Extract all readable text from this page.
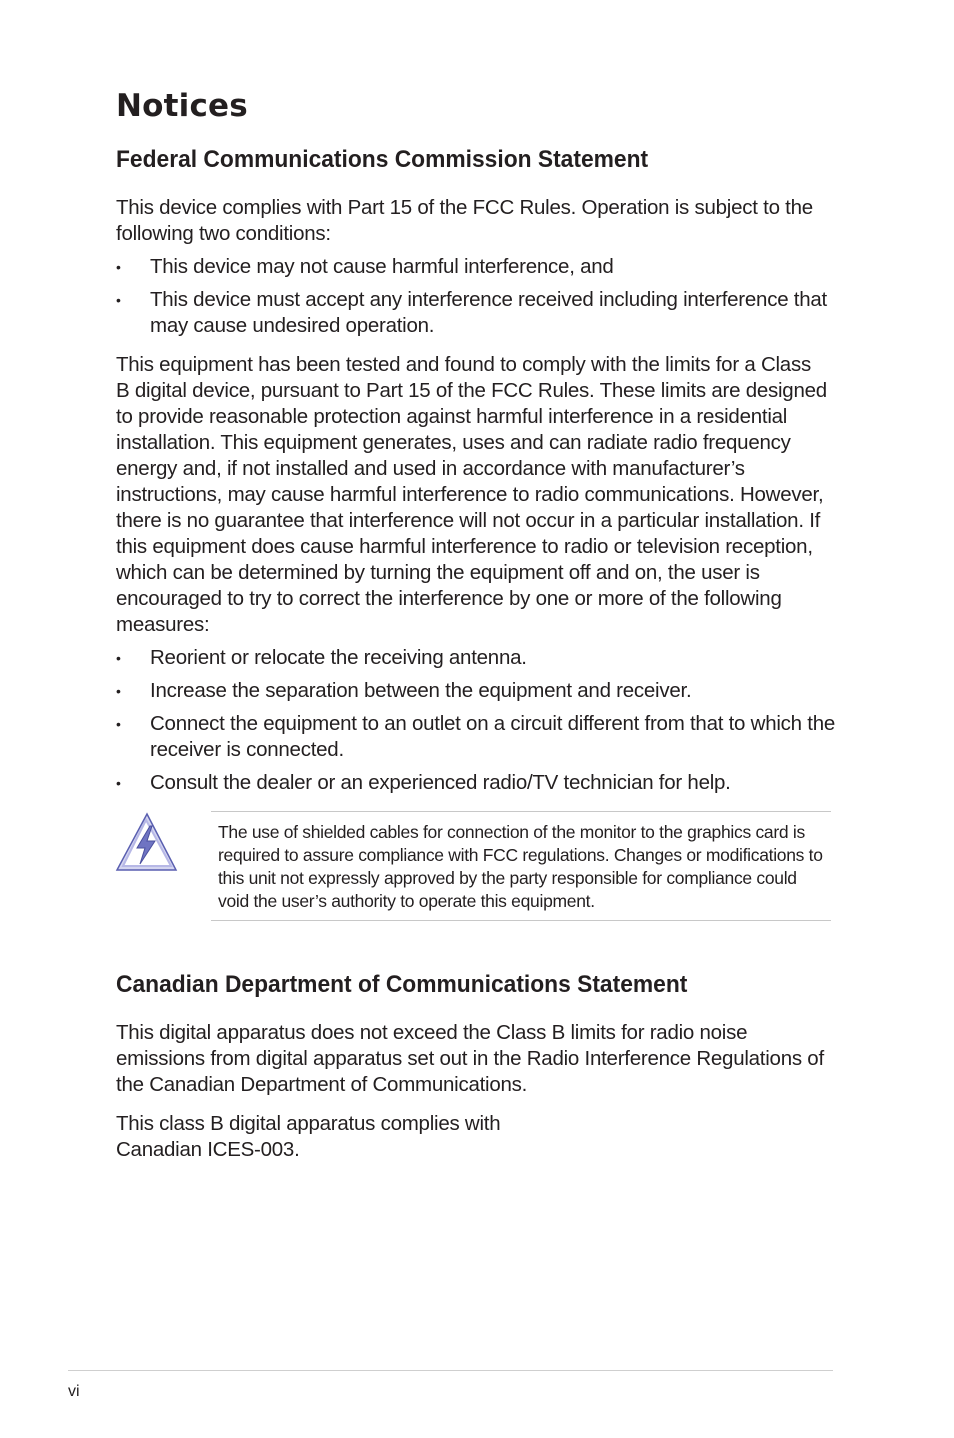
Notices
Federal Communications Commission Statement

This device complies with Part 15 of the FCC Rules. Operation is subject to the following two conditions:

• This device may not cause harmful interference, and
• This device must accept any interference received including interference that may cause undesired operation.

This equipment has been tested and found to comply with the limits for a Class B digital device, pursuant to Part 15 of the FCC Rules. These limits are designed to provide reasonable protection against harmful interference in a residential installation. This equipment generates, uses and can radiate radio frequency energy and, if not installed and used in accordance with manufacturer’s instructions, may cause harmful interference to radio communications. However, there is no guarantee that interference will not occur in a particular installation. If this equipment does cause harmful interference to radio or television reception, which can be determined by turning the equipment off and on, the user is encouraged to try to correct the interference by one or more of the following measures:

• Reorient or relocate the receiving antenna.
• Increase the separation between the equipment and receiver.
• Connect the equipment to an outlet on a circuit different from that to which the receiver is connected.
• Consult the dealer or an experienced radio/TV technician for help.

The use of shielded cables for connection of the monitor to the graphics card is required to assure compliance with FCC regulations. Changes or modifications to this unit not expressly approved by the party responsible for compliance could void the user’s authority to operate this equipment.

Canadian Department of Communications Statement

This digital apparatus does not exceed the Class B limits for radio noise emissions from digital apparatus set out in the Radio Interference Regulations of the Canadian Department of Communications.

This class B digital apparatus complies with Canadian ICES-003.

vi
